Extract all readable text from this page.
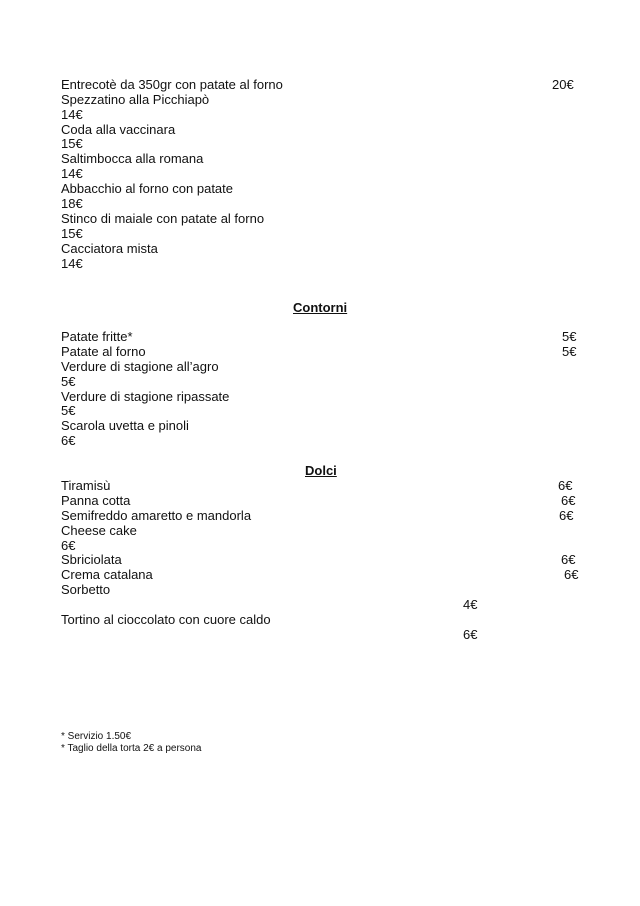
Entrecotè da 350gr con patate al forno	20€
Spezzatino alla Picchiapò
14€
Coda alla vaccinara
15€
Saltimbocca alla romana
14€
Abbacchio al forno con patate
18€
Stinco di maiale con patate al forno
15€
Cacciatora mista
14€
Contorni
Patate fritte*	5€
Patate al forno	5€
Verdure di stagione all’agro
5€
Verdure di stagione ripassate
5€
Scarola uvetta e pinoli
6€
Dolci
Tiramisù	6€
Panna cotta	6€
Semifreddo amaretto e mandorla	6€
Cheese cake
6€
Sbriciolata	6€
Crema catalana	6€
Sorbetto
4€
Tortino al cioccolato con cuore caldo
6€
* Servizio 1.50€
* Taglio della torta 2€ a persona
